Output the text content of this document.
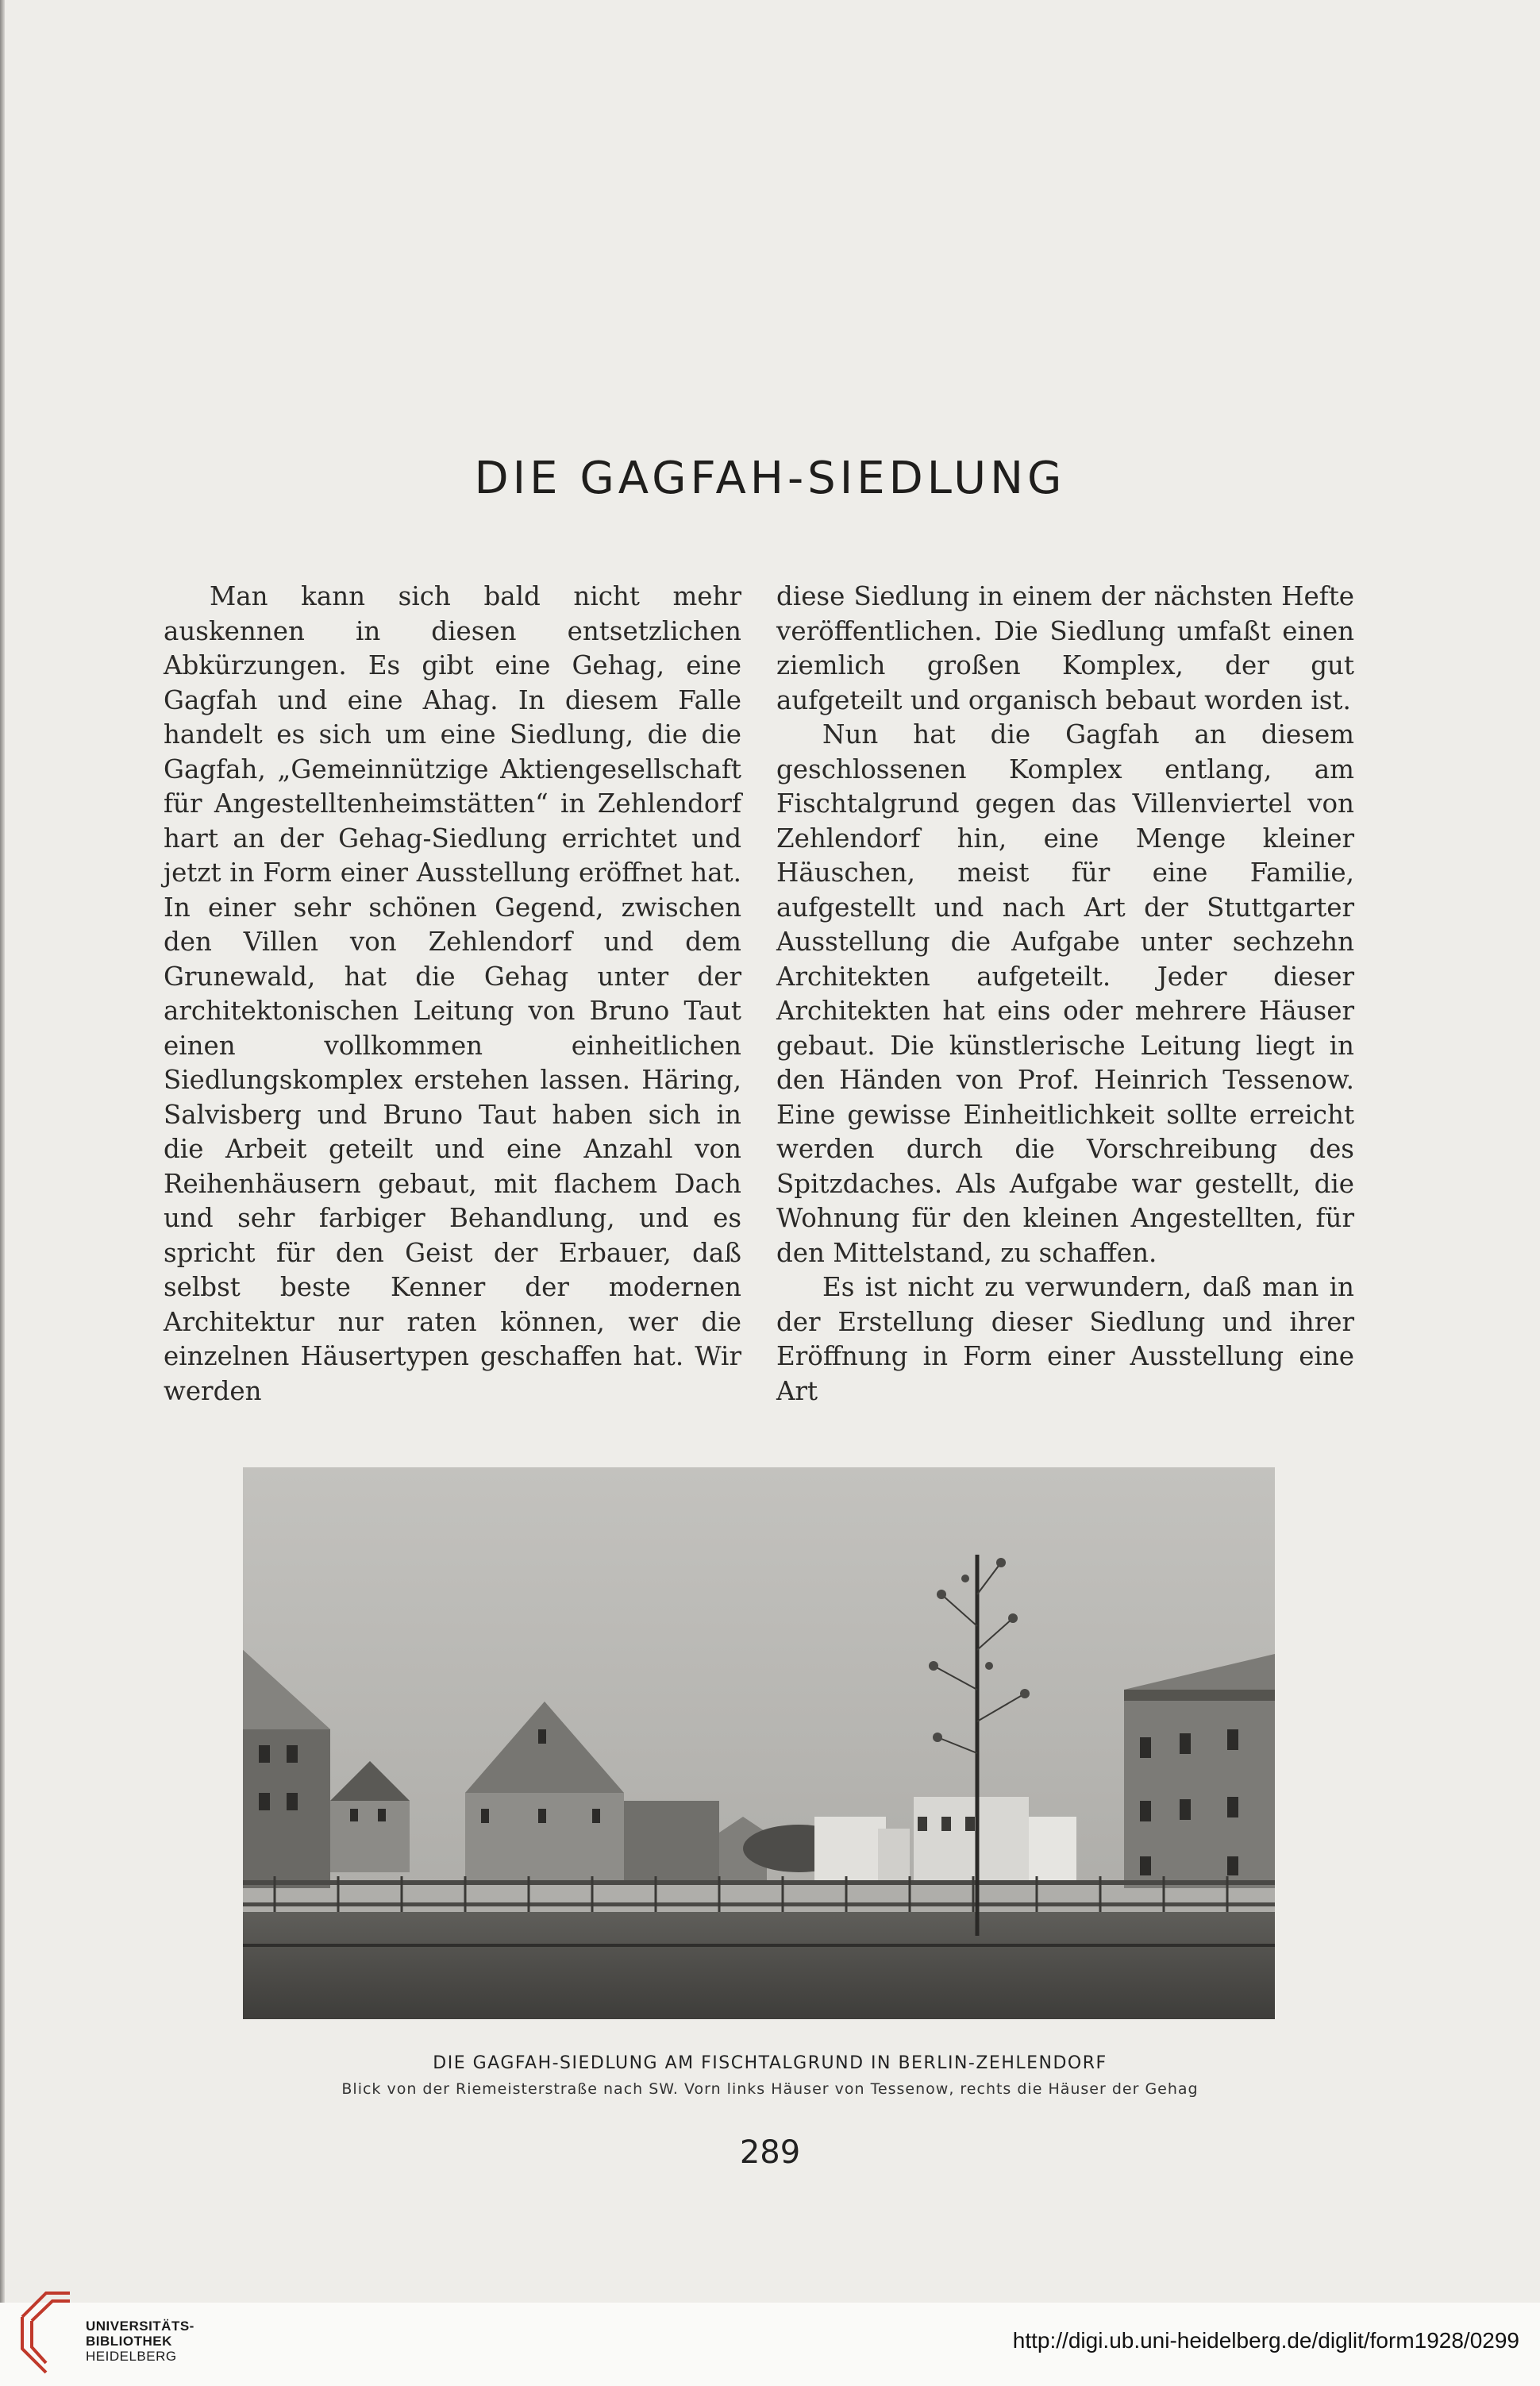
DIE GAGFAH-SIEDLUNG

Man kann sich bald nicht mehr auskennen in diesen entsetzlichen Abkürzungen. Es gibt eine Gehag, eine Gagfah und eine Ahag. In diesem Falle handelt es sich um eine Siedlung, die die Gagfah, „Gemeinnützige Aktiengesellschaft für Angestelltenheimstätten“ in Zehlendorf hart an der Gehag-Siedlung errichtet und jetzt in Form einer Ausstellung eröffnet hat. In einer sehr schönen Gegend, zwischen den Villen von Zehlendorf und dem Grunewald, hat die Gehag unter der architektonischen Leitung von Bruno Taut einen vollkommen einheitlichen Siedlungskomplex erstehen lassen. Häring, Salvisberg und Bruno Taut haben sich in die Arbeit geteilt und eine Anzahl von Reihenhäusern gebaut, mit flachem Dach und sehr farbiger Behandlung, und es spricht für den Geist der Erbauer, daß selbst beste Kenner der modernen Architektur nur raten können, wer die einzelnen Häusertypen geschaffen hat. Wir werden

diese Siedlung in einem der nächsten Hefte veröffentlichen. Die Siedlung umfaßt einen ziemlich großen Komplex, der gut aufgeteilt und organisch bebaut worden ist.

Nun hat die Gagfah an diesem geschlossenen Komplex entlang, am Fischtalgrund gegen das Villenviertel von Zehlendorf hin, eine Menge kleiner Häuschen, meist für eine Familie, aufgestellt und nach Art der Stuttgarter Ausstellung die Aufgabe unter sechzehn Architekten aufgeteilt. Jeder dieser Architekten hat eins oder mehrere Häuser gebaut. Die künstlerische Leitung liegt in den Händen von Prof. Heinrich Tessenow. Eine gewisse Einheitlichkeit sollte erreicht werden durch die Vorschreibung des Spitzdaches. Als Aufgabe war gestellt, die Wohnung für den kleinen Angestellten, für den Mittelstand, zu schaffen.

Es ist nicht zu verwundern, daß man in der Erstellung dieser Siedlung und ihrer Eröffnung in Form einer Ausstellung eine Art

DIE GAGFAH-SIEDLUNG AM FISCHTALGRUND IN BERLIN-ZEHLENDORF
Blick von der Riemeisterstraße nach SW. Vorn links Häuser von Tessenow, rechts die Häuser der Gehag
289
UNIVERSITÄTS-
BIBLIOTHEK
HEIDELBERG
http://digi.ub.uni-heidelberg.de/diglit/form1928/0299
